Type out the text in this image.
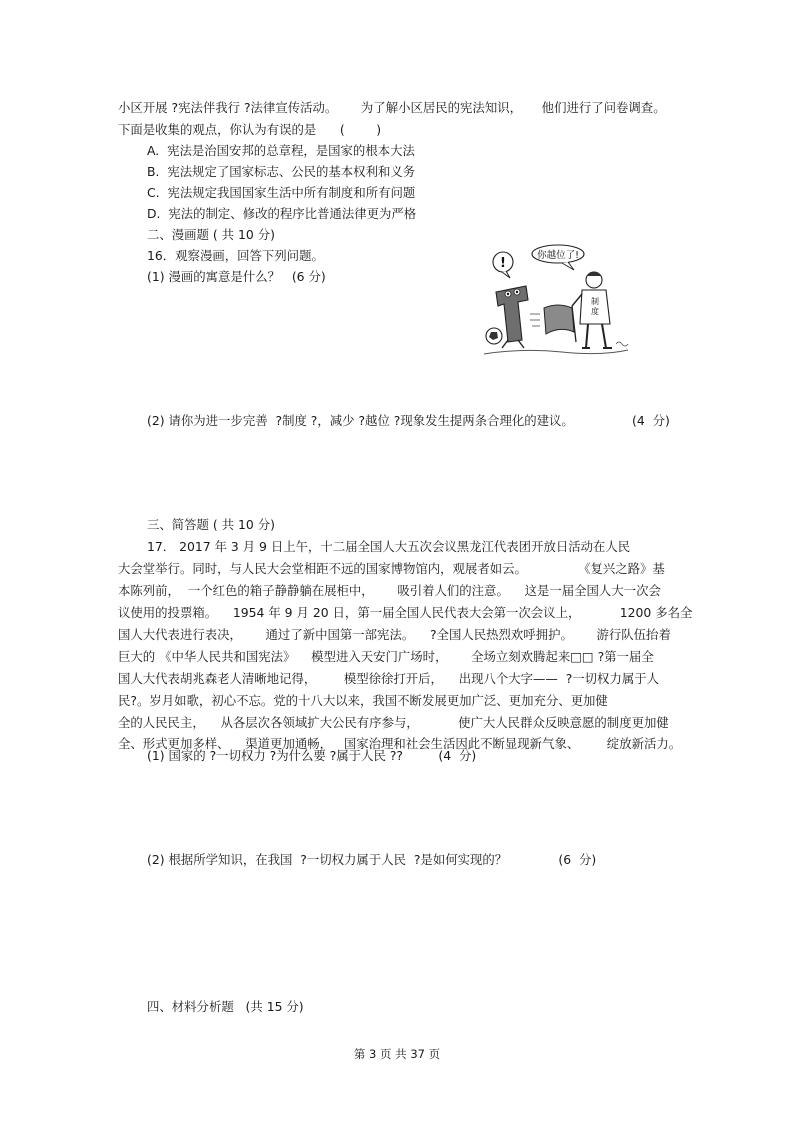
小区开展 ?宪法伴我行 ?法律宣传活动。      为了解小区居民的宪法知识，     他们进行了问卷调查。

下面是收集的观点，你认为有误的是      (        )

A.  宪法是治国安邦的总章程，是国家的根本大法

B.  宪法规定了国家标志、公民的基本权利和义务

C.  宪法规定我国国家生活中所有制度和所有问题

D.  宪法的制定、修改的程序比普通法律更为严格

二、漫画题 ( 共 10 分)

16．观察漫画，回答下列问题。

(1) 漫画的寓意是什么？   (6 分)

你越位了!
!
制
度

(2) 请你为进一步完善  ?制度 ?，减少 ?越位 ?现象发生提两条合理化的建议。	(4  分)

三、简答题 ( 共 10 分)

17． 2017 年 3 月 9 日上午，十二届全国人大五次会议黑龙江代表团开放日活动在人民

大会堂举行。同时，与人民大会堂相距不远的国家博物馆内，观展者如云。             《复兴之路》基

本陈列前，  一个红色的箱子静静躺在展柜中，      吸引着人们的注意。    这是一届全国人大一次会

议使用的投票箱。    1954 年 9 月 20 日，第一届全国人民代表大会第一次会议上，          1200 多名全

国人大代表进行表决，      通过了新中国第一部宪法。    ?全国人民热烈欢呼拥护。      游行队伍抬着

巨大的 《中华人民共和国宪法》    模型进入天安门广场时，      全场立刻欢腾起来□□ ?第一届全

国人大代表胡兆森老人清晰地记得，       模型徐徐打开后，    出现八个大字——  ?一切权力属于人

民?。岁月如歌，初心不忘。党的十八大以来，我国不断发展更加广泛、更加充分、更加健

全的人民民主，    从各层次各领域扩大公民有序参与，          使广大人民群众反映意愿的制度更加健

全、形式更加多样、    渠道更加通畅，   国家治理和社会生活因此不断显现新气象、       绽放新活力。

(1) 国家的 ?一切权力 ?为什么要 ?属于人民 ??         (4  分)

(2) 根据所学知识，在我国  ?一切权力属于人民  ?是如何实现的？             (6  分)

四、材料分析题   (共 15 分)

第 3 页 共 37 页
